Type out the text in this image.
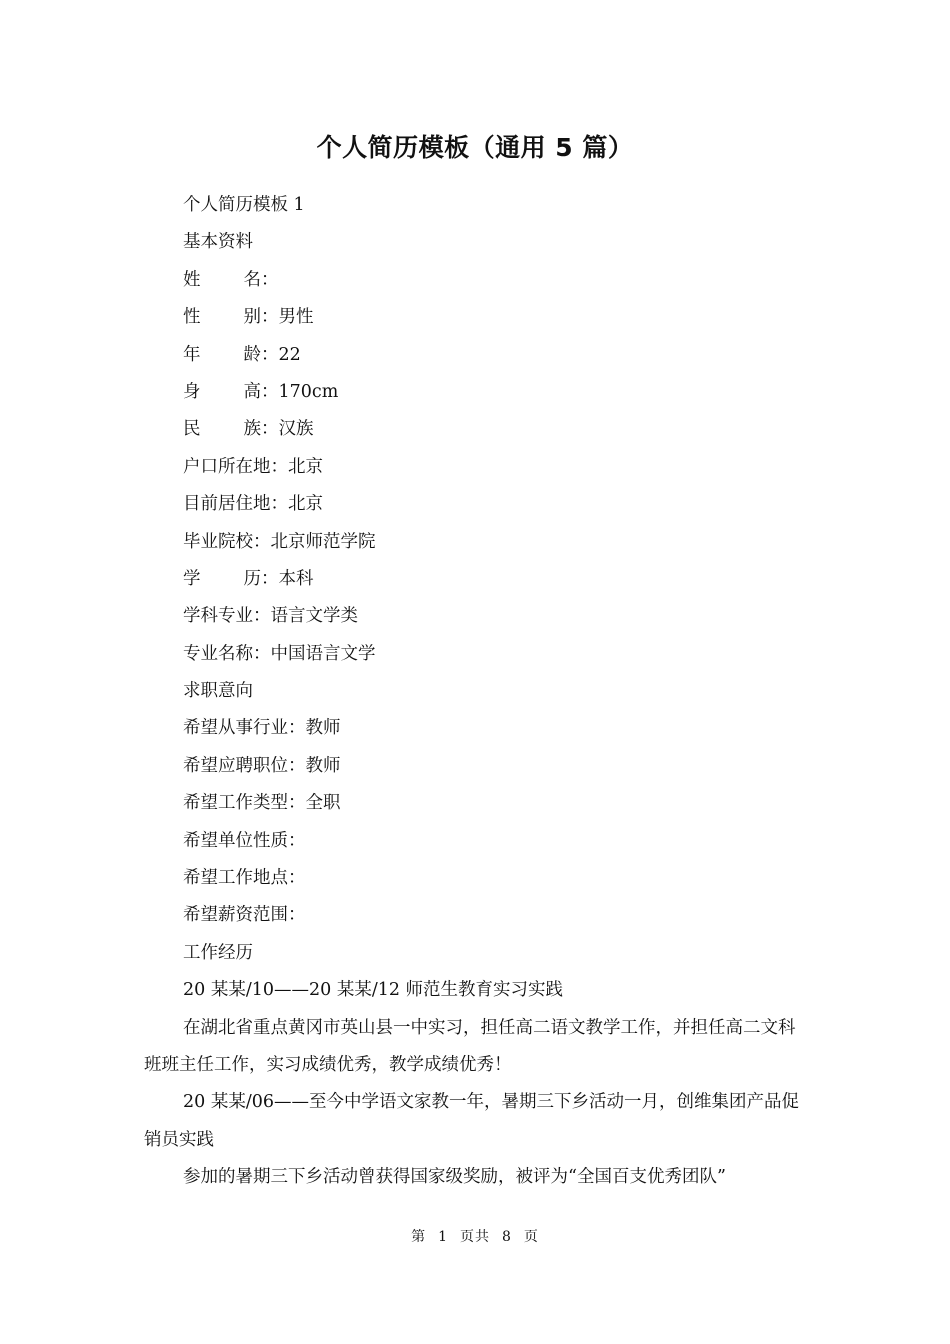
个人简历模板（通用 5 篇）
个人简历模板 1
基本资料
姓名：
性别：男性
年龄：22
身高：170cm
民族：汉族
户口所在地：北京
目前居住地：北京
毕业院校：北京师范学院
学历：本科
学科专业：语言文学类
专业名称：中国语言文学
求职意向
希望从事行业：教师
希望应聘职位：教师
希望工作类型：全职
希望单位性质：
希望工作地点：
希望薪资范围：
工作经历
20 某某/10——20 某某/12 师范生教育实习实践
在湖北省重点黄冈市英山县一中实习，担任高二语文教学工作，并担任高二文科班班主任工作，实习成绩优秀，教学成绩优秀！
20 某某/06——至今中学语文家教一年，暑期三下乡活动一月，创维集团产品促销员实践
参加的暑期三下乡活动曾获得国家级奖励，被评为“全国百支优秀团队”
第 1 页共 8 页
